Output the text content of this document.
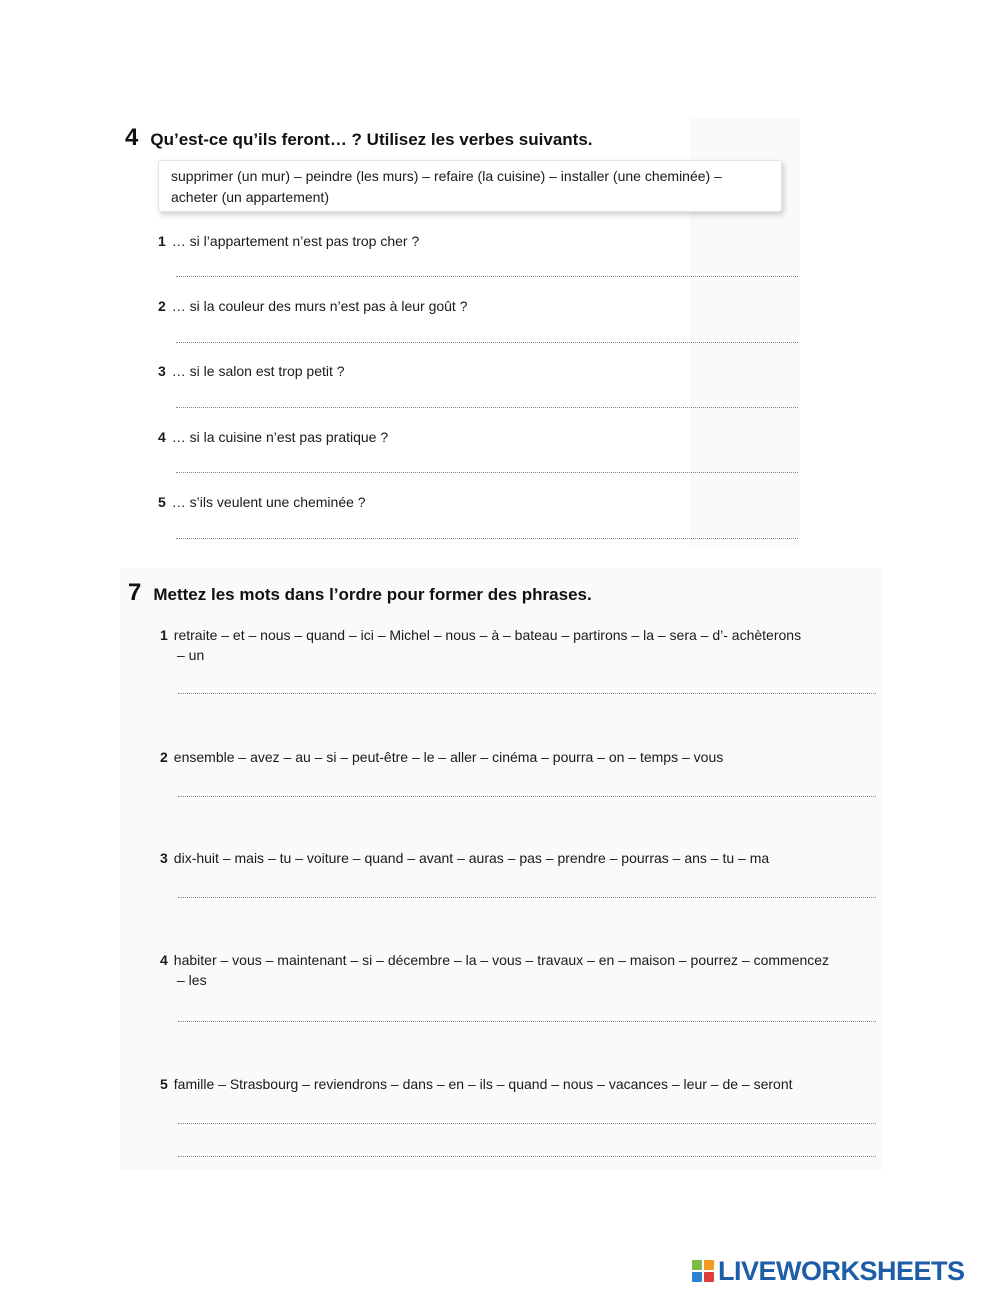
4 Qu’est-ce qu’ils feront… ? Utilisez les verbes suivants.
supprimer (un mur) – peindre (les murs) – refaire (la cuisine) – installer (une cheminée) – acheter (un appartement)
1 … si l’appartement n’est pas trop cher ?
2 … si la couleur des murs n’est pas à leur goût ?
3 … si le salon est trop petit ?
4 … si la cuisine n’est pas pratique ?
5 … s’ils veulent une cheminée ?
7 Mettez les mots dans l’ordre pour former des phrases.
1 retraite – et – nous – quand – ici – Michel – nous – à – bateau – partirons – la – sera – d’- achèterons – un
2 ensemble – avez – au – si – peut-être – le – aller – cinéma – pourra – on – temps – vous
3 dix-huit – mais – tu – voiture – quand – avant – auras – pas – prendre – pourras – ans – tu – ma
4 habiter – vous – maintenant – si – décembre – la – vous – travaux – en – maison – pourrez – commencez – les
5 famille – Strasbourg – reviendrons – dans – en – ils – quand – nous – vacances – leur – de – seront
LIVEWORKSHEETS
